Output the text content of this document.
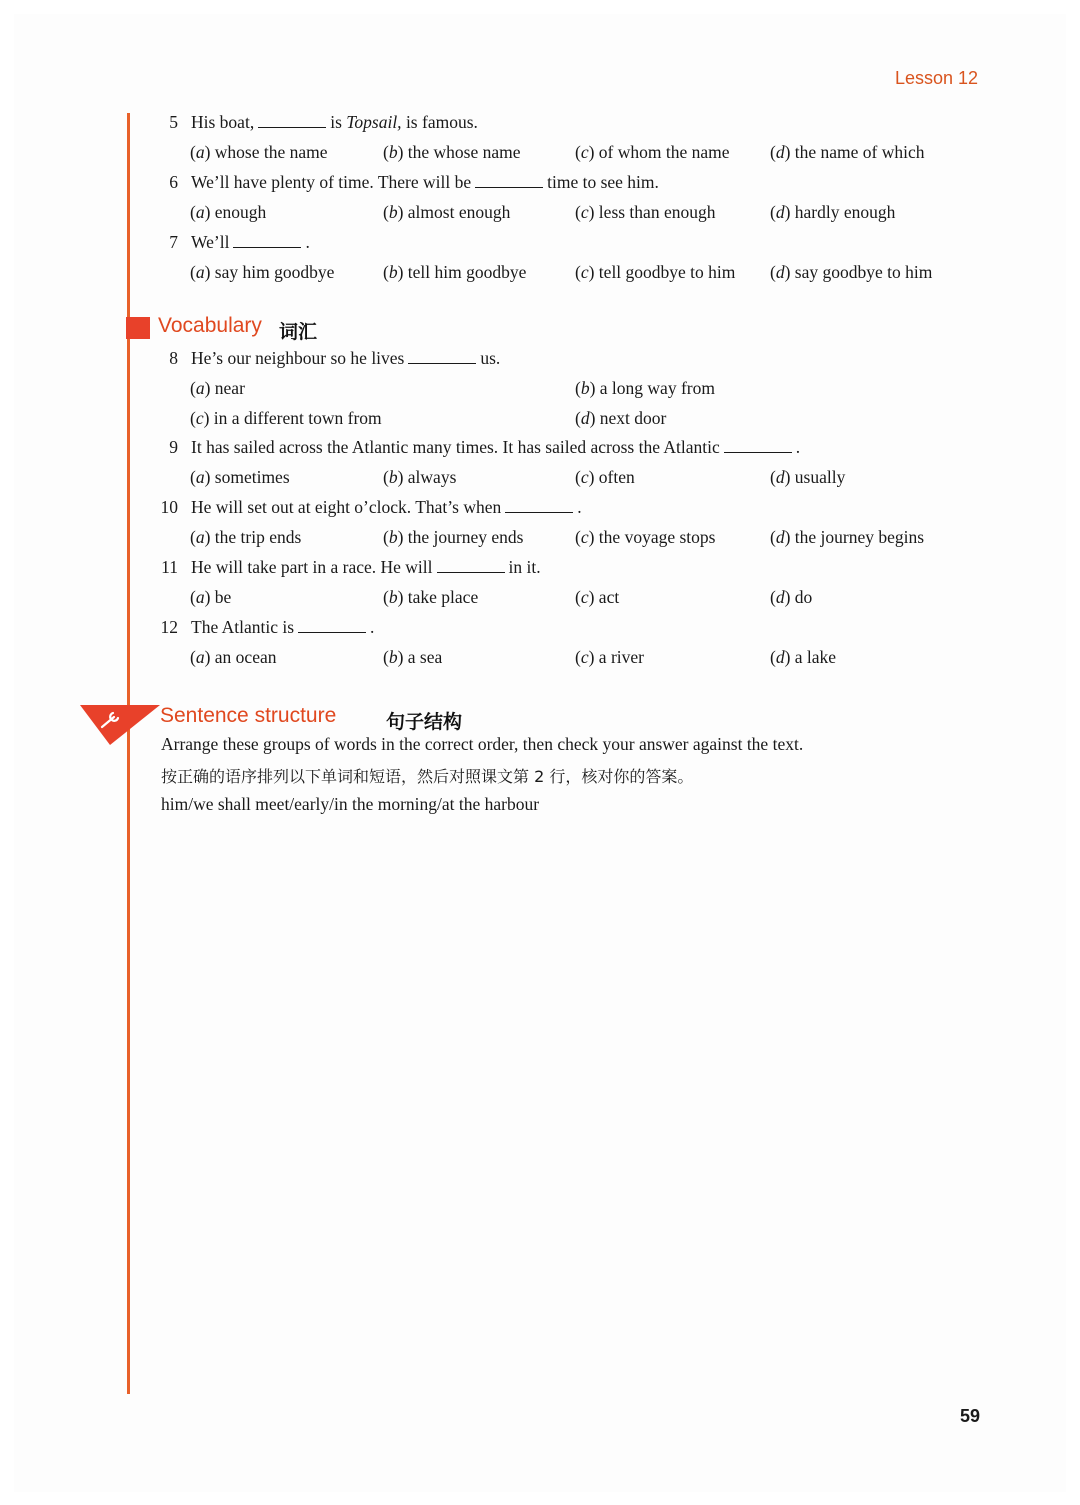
Lesson 12
5 His boat,	is Topsail, is famous.
(a) whose the name	(b) the whose name	(c) of whom the name (d) the name of which
6 We’ll have plenty of time. There will be	time to see him.
(a) enough	(b) almost enough	(c) less than enough	(d) hardly enough
7 We’ll	.
(a) say him goodbye	(b) tell him goodbye	(c) tell goodbye to him (d) say goodbye to him
Vocabulary 词汇
8 He’s our neighbour so he lives	us.
(a) near	(b) a long way from
(c) in a different town from	(d) next door
9 It has sailed across the Atlantic many times. It has sailed across the Atlantic	.
(a) sometimes	(b) always	(c) often	(d) usually
10 He will set out at eight o’clock. That’s when	.
(a) the trip ends	(b) the journey ends	(c) the voyage stops	(d) the journey begins
11 He will take part in a race. He will	in it.
(a) be	(b) take place	(c) act	(d) do
12 The Atlantic is	.
(a) an ocean	(b) a sea	(c) a river	(d) a lake
Sentence structure	句子结构
Arrange these groups of words in the correct order, then check your answer against the text.
按正确的语序排列以下单词和短语，然后对照课文第 2 行，核对你的答案。
him/we shall meet/early/in the morning/at the harbour
59
